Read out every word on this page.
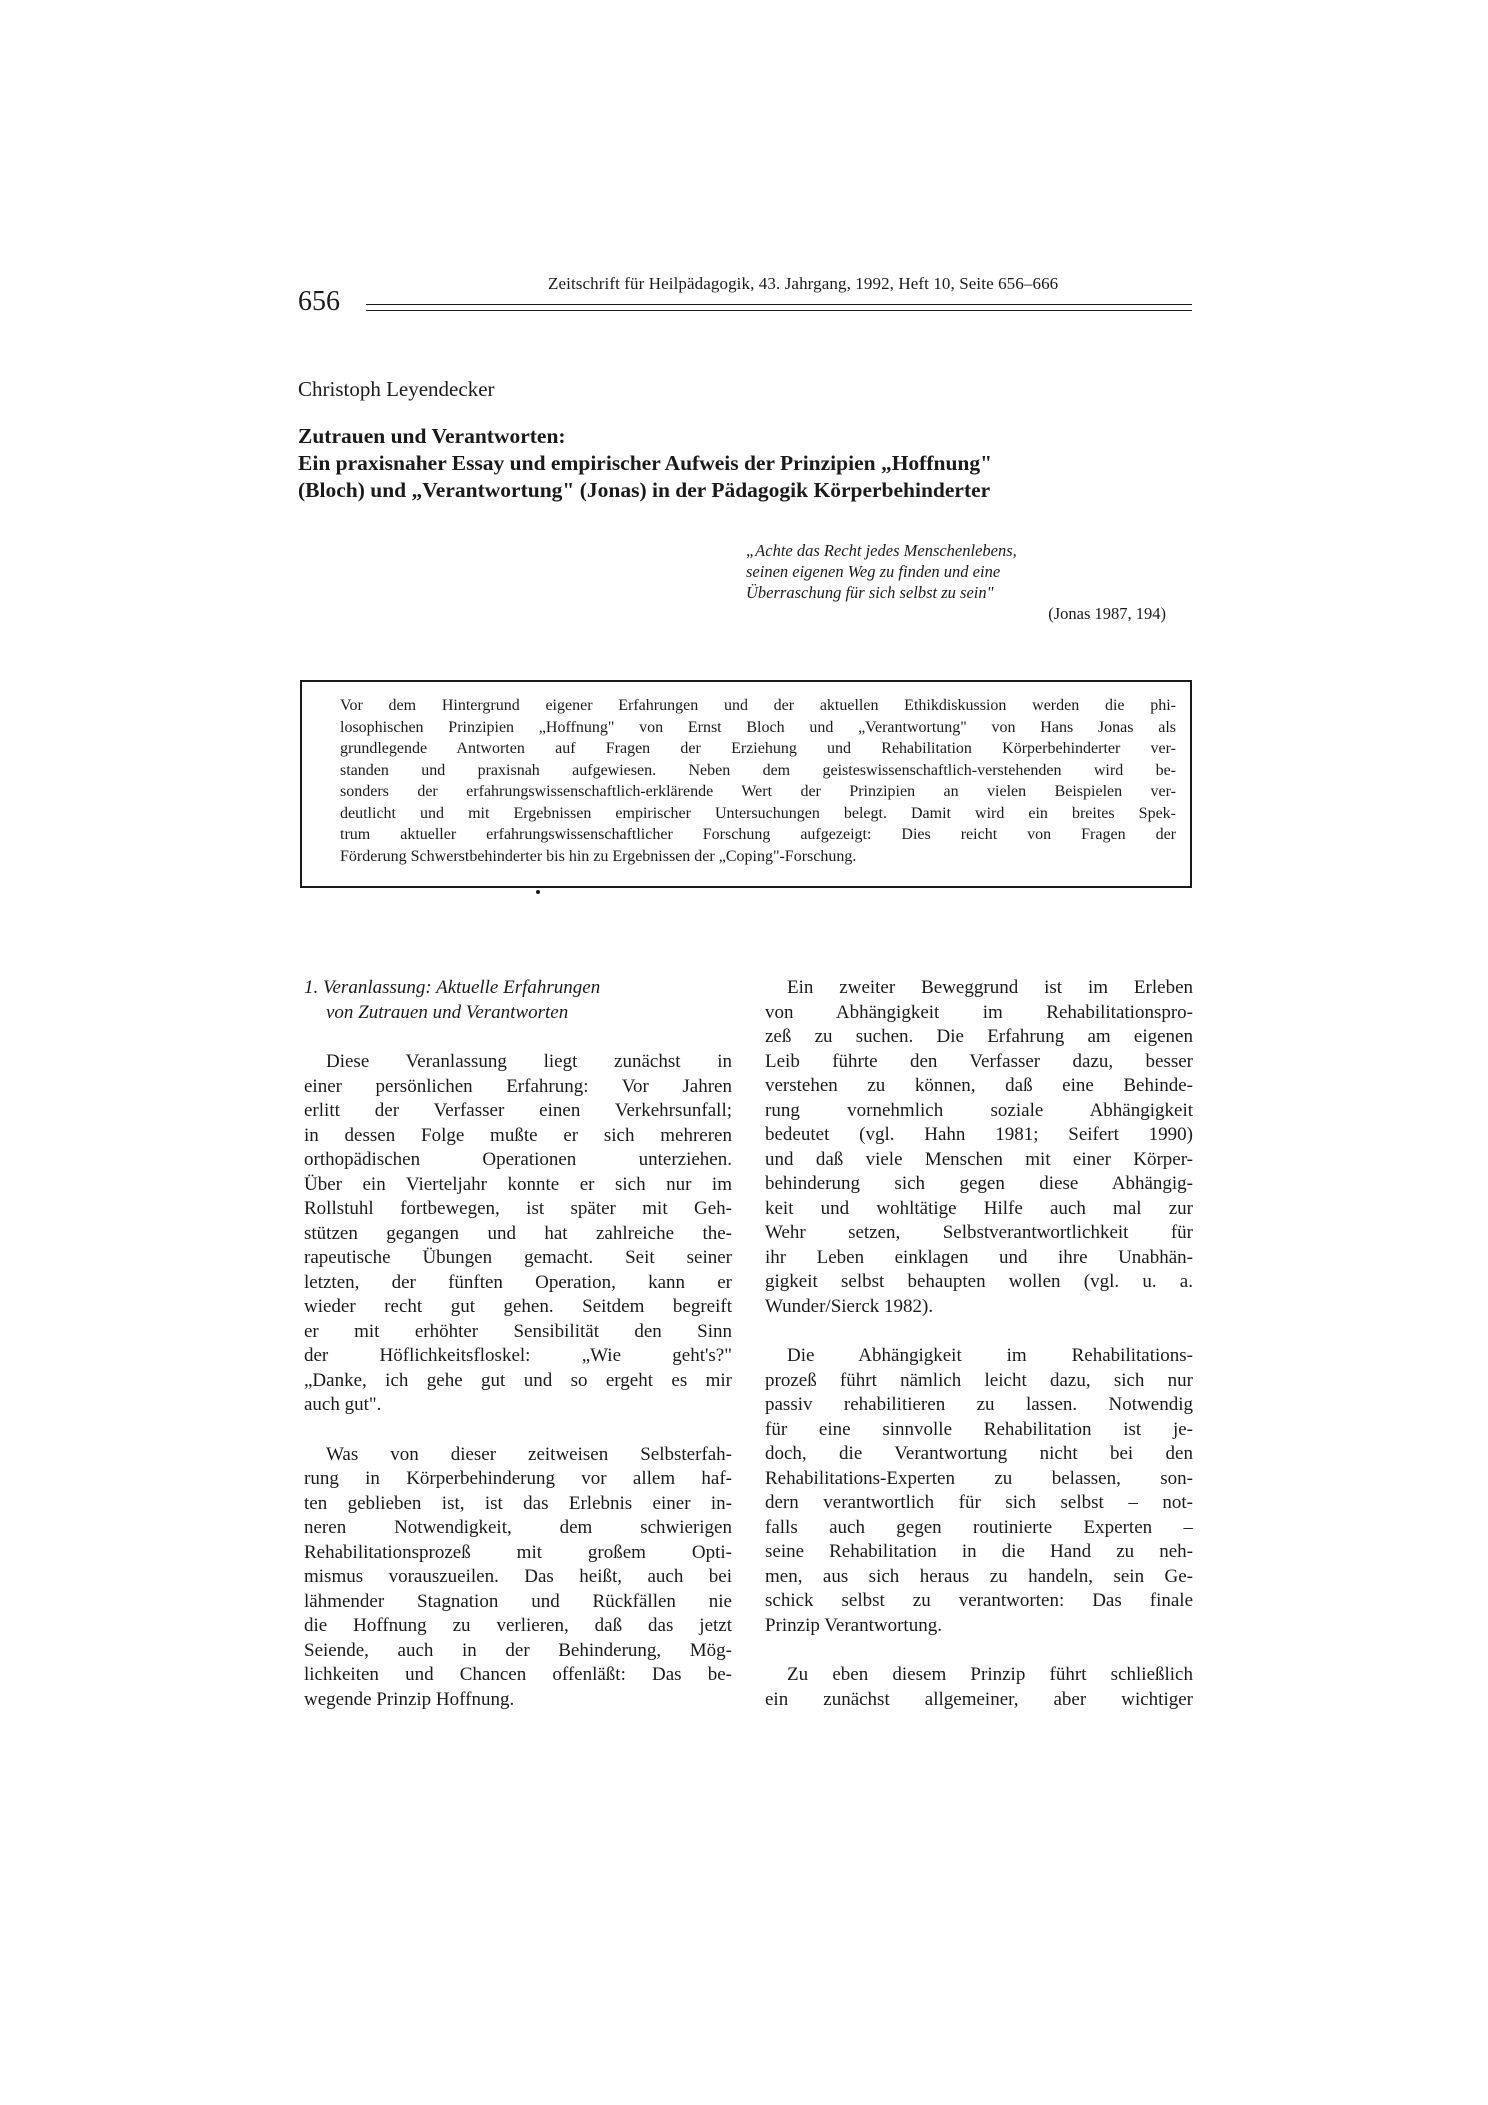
656
Zeitschrift für Heilpädagogik, 43. Jahrgang, 1992, Heft 10, Seite 656–666
Christoph Leyendecker
Zutrauen und Verantworten:
Ein praxisnaher Essay und empirischer Aufweis der Prinzipien „Hoffnung"
(Bloch) und „Verantwortung" (Jonas) in der Pädagogik Körperbehinderter
„Achte das Recht jedes Menschenlebens,
seinen eigenen Weg zu finden und eine
Überraschung für sich selbst zu sein"
(Jonas 1987, 194)
Vor dem Hintergrund eigener Erfahrungen und der aktuellen Ethikdiskussion werden die phi-
losophischen Prinzipien „Hoffnung" von Ernst Bloch und „Verantwortung" von Hans Jonas als
grundlegende Antworten auf Fragen der Erziehung und Rehabilitation Körperbehinderter ver-
standen und praxisnah aufgewiesen. Neben dem geisteswissenschaftlich-verstehenden wird be-
sonders der erfahrungswissenschaftlich-erklärende Wert der Prinzipien an vielen Beispielen ver-
deutlicht und mit Ergebnissen empirischer Untersuchungen belegt. Damit wird ein breites Spek-
trum aktueller erfahrungswissenschaftlicher Forschung aufgezeigt: Dies reicht von Fragen der
Förderung Schwerstbehinderter bis hin zu Ergebnissen der „Coping"-Forschung.
1. Veranlassung: Aktuelle Erfahrungen
von Zutrauen und Verantworten
Diese Veranlassung liegt zunächst in
einer persönlichen Erfahrung: Vor Jahren
erlitt der Verfasser einen Verkehrsunfall;
in dessen Folge mußte er sich mehreren
orthopädischen Operationen unterziehen.
Über ein Vierteljahr konnte er sich nur im
Rollstuhl fortbewegen, ist später mit Geh-
stützen gegangen und hat zahlreiche the-
rapeutische Übungen gemacht. Seit seiner
letzten, der fünften Operation, kann er
wieder recht gut gehen. Seitdem begreift
er mit erhöhter Sensibilität den Sinn
der Höflichkeitsfloskel: „Wie geht's?"
„Danke, ich gehe gut und so ergeht es mir
auch gut".
Was von dieser zeitweisen Selbsterfah-
rung in Körperbehinderung vor allem haf-
ten geblieben ist, ist das Erlebnis einer in-
neren Notwendigkeit, dem schwierigen
Rehabilitationsprozeß mit großem Opti-
mismus vorauszueilen. Das heißt, auch bei
lähmender Stagnation und Rückfällen nie
die Hoffnung zu verlieren, daß das jetzt
Seiende, auch in der Behinderung, Mög-
lichkeiten und Chancen offenläßt: Das be-
wegende Prinzip Hoffnung.
Ein zweiter Beweggrund ist im Erleben
von Abhängigkeit im Rehabilitationspro-
zeß zu suchen. Die Erfahrung am eigenen
Leib führte den Verfasser dazu, besser
verstehen zu können, daß eine Behinde-
rung vornehmlich soziale Abhängigkeit
bedeutet (vgl. Hahn 1981; Seifert 1990)
und daß viele Menschen mit einer Körper-
behinderung sich gegen diese Abhängig-
keit und wohltätige Hilfe auch mal zur
Wehr setzen, Selbstverantwortlichkeit für
ihr Leben einklagen und ihre Unabhän-
gigkeit selbst behaupten wollen (vgl. u. a.
Wunder/Sierck 1982).
Die Abhängigkeit im Rehabilitations-
prozeß führt nämlich leicht dazu, sich nur
passiv rehabilitieren zu lassen. Notwendig
für eine sinnvolle Rehabilitation ist je-
doch, die Verantwortung nicht bei den
Rehabilitations-Experten zu belassen, son-
dern verantwortlich für sich selbst – not-
falls auch gegen routinierte Experten –
seine Rehabilitation in die Hand zu neh-
men, aus sich heraus zu handeln, sein Ge-
schick selbst zu verantworten: Das finale
Prinzip Verantwortung.
Zu eben diesem Prinzip führt schließlich
ein zunächst allgemeiner, aber wichtiger
